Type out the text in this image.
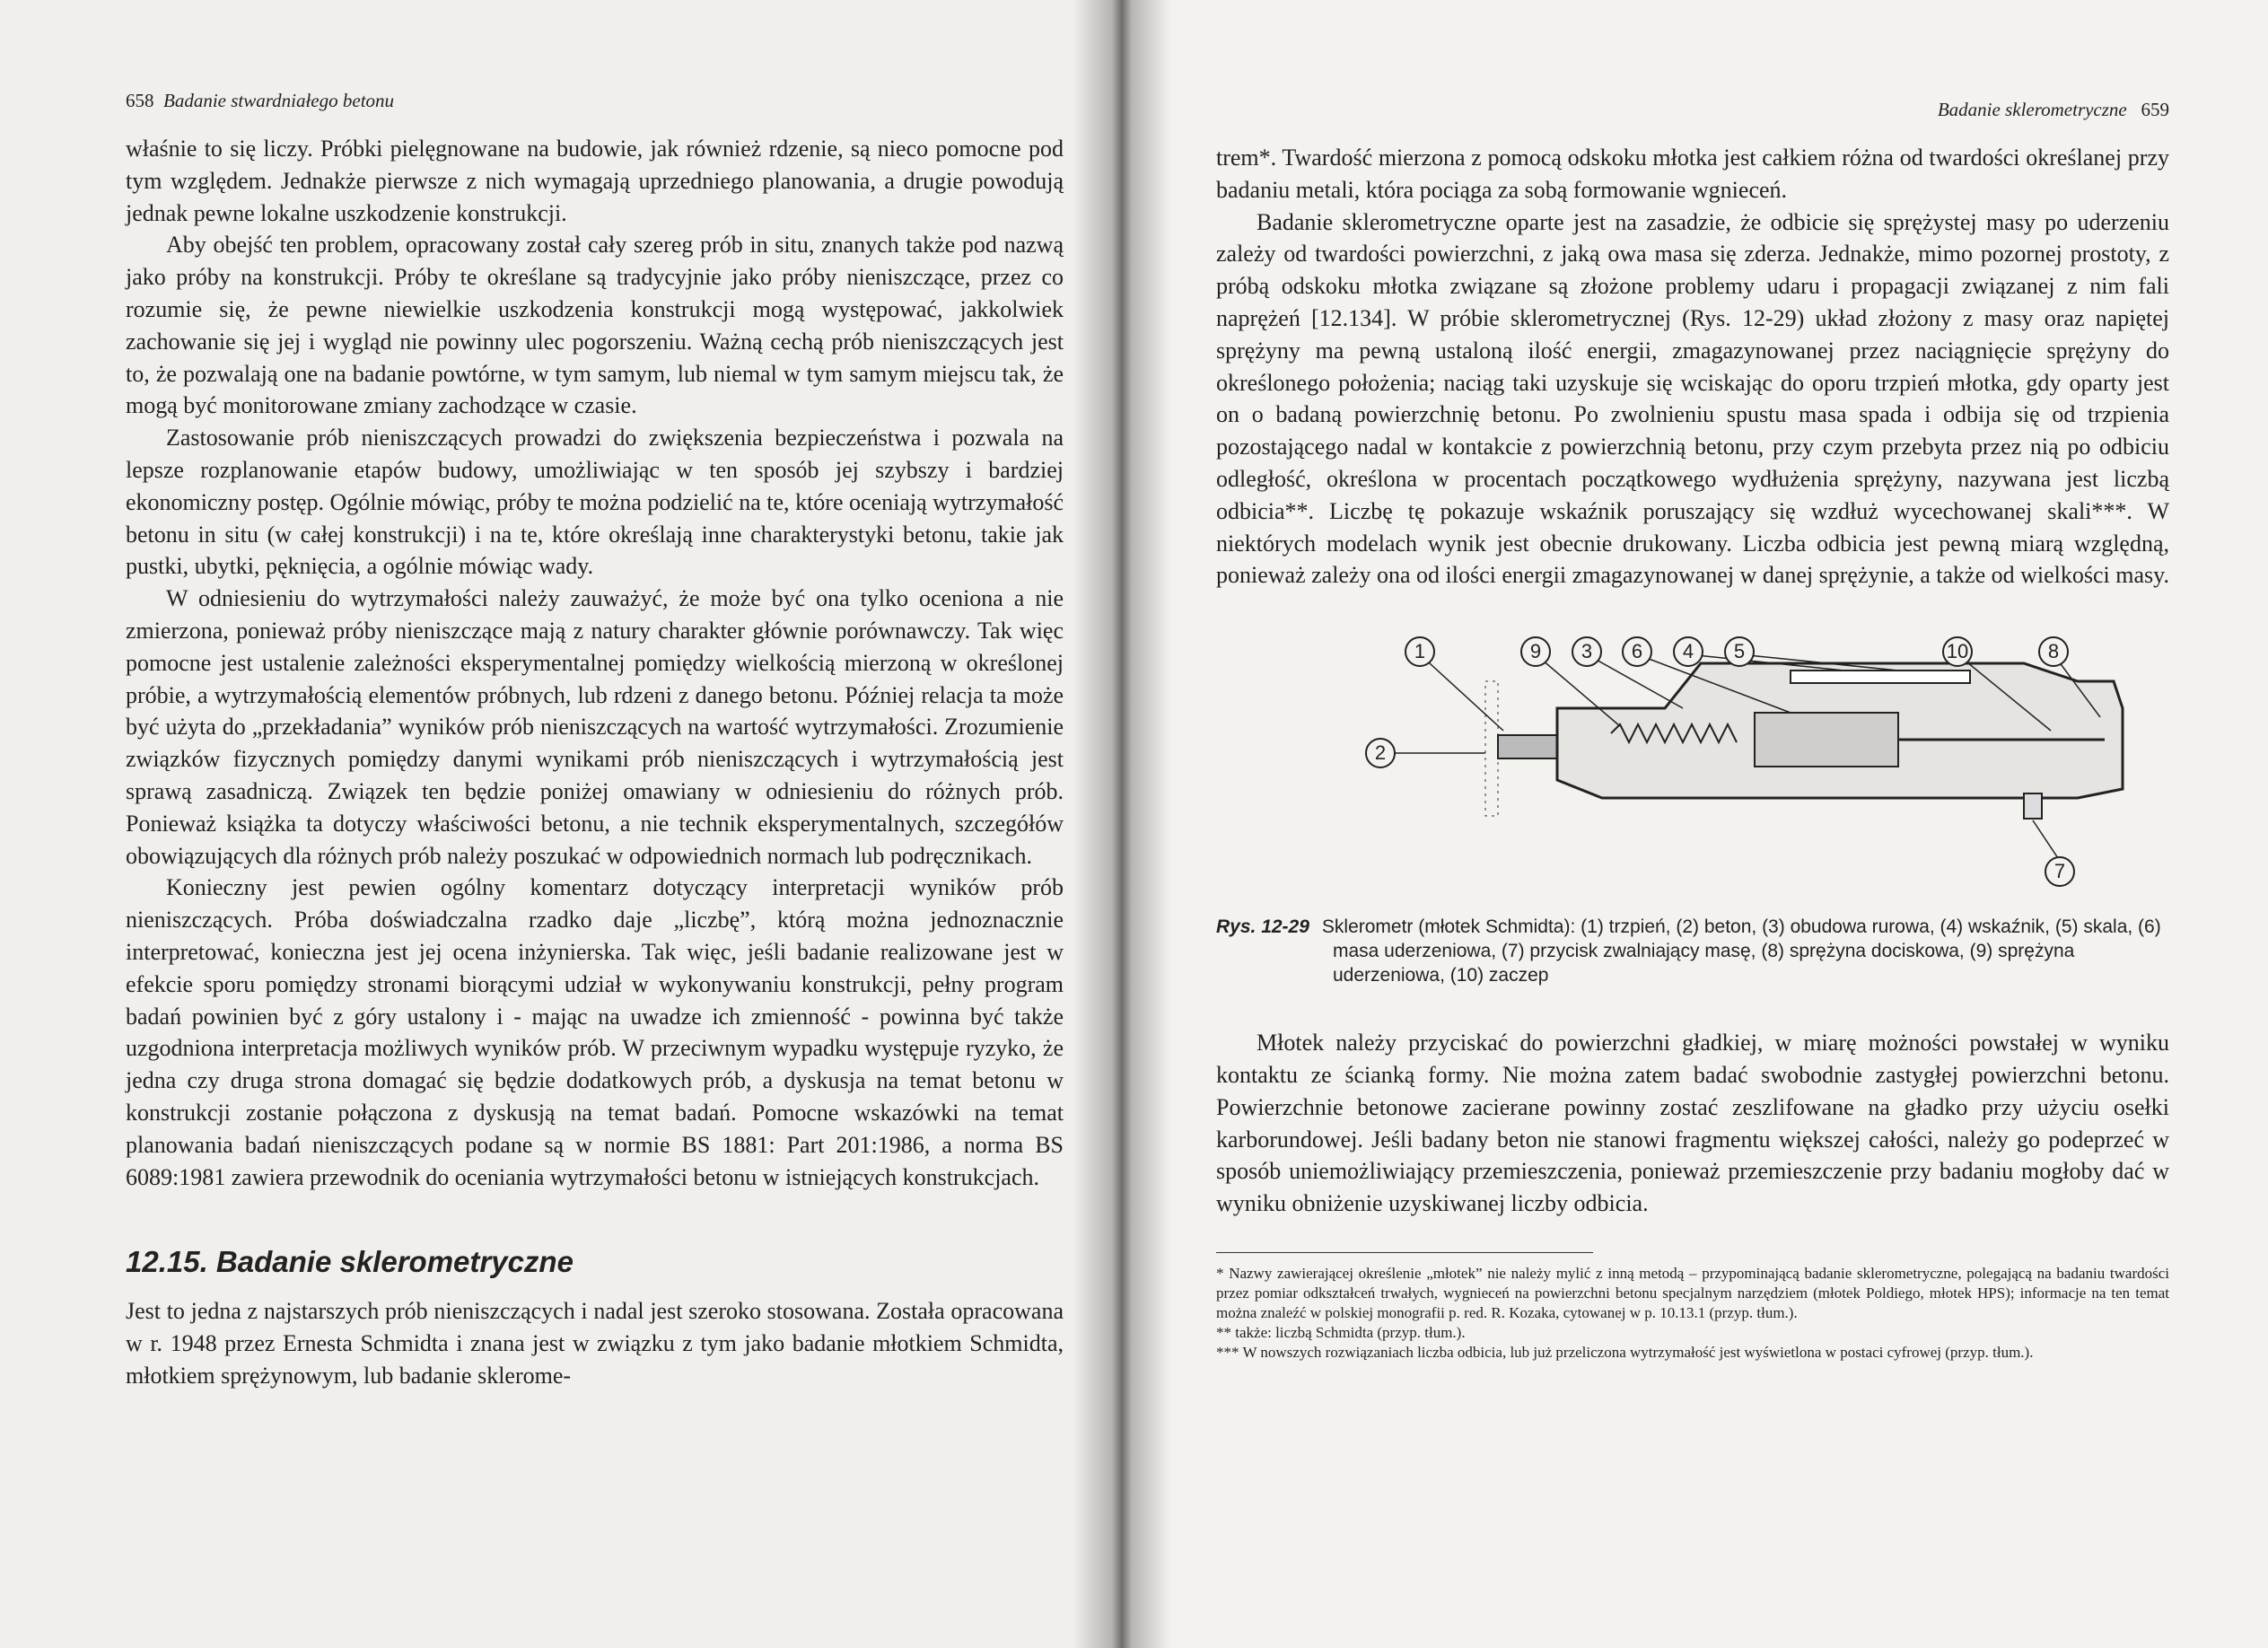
658 Badanie stwardniałego betonu

właśnie to się liczy. Próbki pielęgnowane na budowie, jak również rdzenie, są nieco pomocne pod tym względem. Jednakże pierwsze z nich wymagają uprzedniego planowania, a drugie powodują jednak pewne lokalne uszkodzenie konstrukcji.

Aby obejść ten problem, opracowany został cały szereg prób in situ, znanych także pod nazwą jako próby na konstrukcji. Próby te określane są tradycyjnie jako próby nieniszczące, przez co rozumie się, że pewne niewielkie uszkodzenia konstrukcji mogą występować, jakkolwiek zachowanie się jej i wygląd nie powinny ulec pogorszeniu. Ważną cechą prób nieniszczących jest to, że pozwalają one na badanie powtórne, w tym samym, lub niemal w tym samym miejscu tak, że mogą być monitorowane zmiany zachodzące w czasie.

Zastosowanie prób nieniszczących prowadzi do zwiększenia bezpieczeństwa i pozwala na lepsze rozplanowanie etapów budowy, umożliwiając w ten sposób jej szybszy i bardziej ekonomiczny postęp. Ogólnie mówiąc, próby te można podzielić na te, które oceniają wytrzymałość betonu in situ (w całej konstrukcji) i na te, które określają inne charakterystyki betonu, takie jak pustki, ubytki, pęknięcia, a ogólnie mówiąc wady.

W odniesieniu do wytrzymałości należy zauważyć, że może być ona tylko oceniona a nie zmierzona, ponieważ próby nieniszczące mają z natury charakter głównie porównawczy. Tak więc pomocne jest ustalenie zależności eksperymentalnej pomiędzy wielkością mierzoną w określonej próbie, a wytrzymałością elementów próbnych, lub rdzeni z danego betonu. Później relacja ta może być użyta do „przekładania” wyników prób nieniszczących na wartość wytrzymałości. Zrozumienie związków fizycznych pomiędzy danymi wynikami prób nieniszczących i wytrzymałością jest sprawą zasadniczą. Związek ten będzie poniżej omawiany w odniesieniu do różnych prób. Ponieważ książka ta dotyczy właściwości betonu, a nie technik eksperymentalnych, szczegółów obowiązujących dla różnych prób należy poszukać w odpowiednich normach lub podręcznikach.

Konieczny jest pewien ogólny komentarz dotyczący interpretacji wyników prób nieniszczących. Próba doświadczalna rzadko daje „liczbę”, którą można jednoznacznie interpretować, konieczna jest jej ocena inżynierska. Tak więc, jeśli badanie realizowane jest w efekcie sporu pomiędzy stronami biorącymi udział w wykonywaniu konstrukcji, pełny program badań powinien być z góry ustalony i - mając na uwadze ich zmienność - powinna być także uzgodniona interpretacja możliwych wyników prób. W przeciwnym wypadku występuje ryzyko, że jedna czy druga strona domagać się będzie dodatkowych prób, a dyskusja na temat betonu w konstrukcji zostanie połączona z dyskusją na temat badań. Pomocne wskazówki na temat planowania badań nieniszczących podane są w normie BS 1881: Part 201:1986, a norma BS 6089:1981 zawiera przewodnik do oceniania wytrzymałości betonu w istniejących konstrukcjach.

12.15. Badanie sklerometryczne

Jest to jedna z najstarszych prób nieniszczących i nadal jest szeroko stosowana. Została opracowana w r. 1948 przez Ernesta Schmidta i znana jest w związku z tym jako badanie młotkiem Schmidta, młotkiem sprężynowym, lub badanie sklerome-

Badanie sklerometryczne 659

trem*. Twardość mierzona z pomocą odskoku młotka jest całkiem różna od twardości określanej przy badaniu metali, która pociąga za sobą formowanie wgnieceń.

Badanie sklerometryczne oparte jest na zasadzie, że odbicie się sprężystej masy po uderzeniu zależy od twardości powierzchni, z jaką owa masa się zderza. Jednakże, mimo pozornej prostoty, z próbą odskoku młotka związane są złożone problemy udaru i propagacji związanej z nim fali naprężeń [12.134]. W próbie sklerometrycznej (Rys. 12-29) układ złożony z masy oraz napiętej sprężyny ma pewną ustaloną ilość energii, zmagazynowanej przez naciągnięcie sprężyny do określonego położenia; naciąg taki uzyskuje się wciskając do oporu trzpień młotka, gdy oparty jest on o badaną powierzchnię betonu. Po zwolnieniu spustu masa spada i odbija się od trzpienia pozostającego nadal w kontakcie z powierzchnią betonu, przy czym przebyta przez nią po odbiciu odległość, określona w procentach początkowego wydłużenia sprężyny, nazywana jest liczbą odbicia**. Liczbę tę pokazuje wskaźnik poruszający się wzdłuż wycechowanej skali***. W niektórych modelach wynik jest obecnie drukowany. Liczba odbicia jest pewną miarą względną, ponieważ zależy ona od ilości energii zmagazynowanej w danej sprężynie, a także od wielkości masy.

1	9	3	6	4	5	10	8
2
7

Rys. 12-29 Sklerometr (młotek Schmidta): (1) trzpień, (2) beton, (3) obudowa rurowa, (4) wskaźnik, (5) skala, (6) masa uderzeniowa, (7) przycisk zwalniający masę, (8) sprężyna dociskowa, (9) sprężyna uderzeniowa, (10) zaczep

Młotek należy przyciskać do powierzchni gładkiej, w miarę możności powstałej w wyniku kontaktu ze ścianką formy. Nie można zatem badać swobodnie zastygłej powierzchni betonu. Powierzchnie betonowe zacierane powinny zostać zeszlifowane na gładko przy użyciu osełki karborundowej. Jeśli badany beton nie stanowi fragmentu większej całości, należy go podeprzeć w sposób uniemożliwiający przemieszczenia, ponieważ przemieszczenie przy badaniu mogłoby dać w wyniku obniżenie uzyskiwanej liczby odbicia.

* Nazwy zawierającej określenie „młotek” nie należy mylić z inną metodą – przypominającą badanie sklerometryczne, polegającą na badaniu twardości przez pomiar odkształceń trwałych, wygnieceń na powierzchni betonu specjalnym narzędziem (młotek Poldiego, młotek HPS); informacje na ten temat można znaleźć w polskiej monografii p. red. R. Kozaka, cytowanej w p. 10.13.1 (przyp. tłum.).

** także: liczbą Schmidta (przyp. tłum.).

*** W nowszych rozwiązaniach liczba odbicia, lub już przeliczona wytrzymałość jest wyświetlona w postaci cyfrowej (przyp. tłum.).
